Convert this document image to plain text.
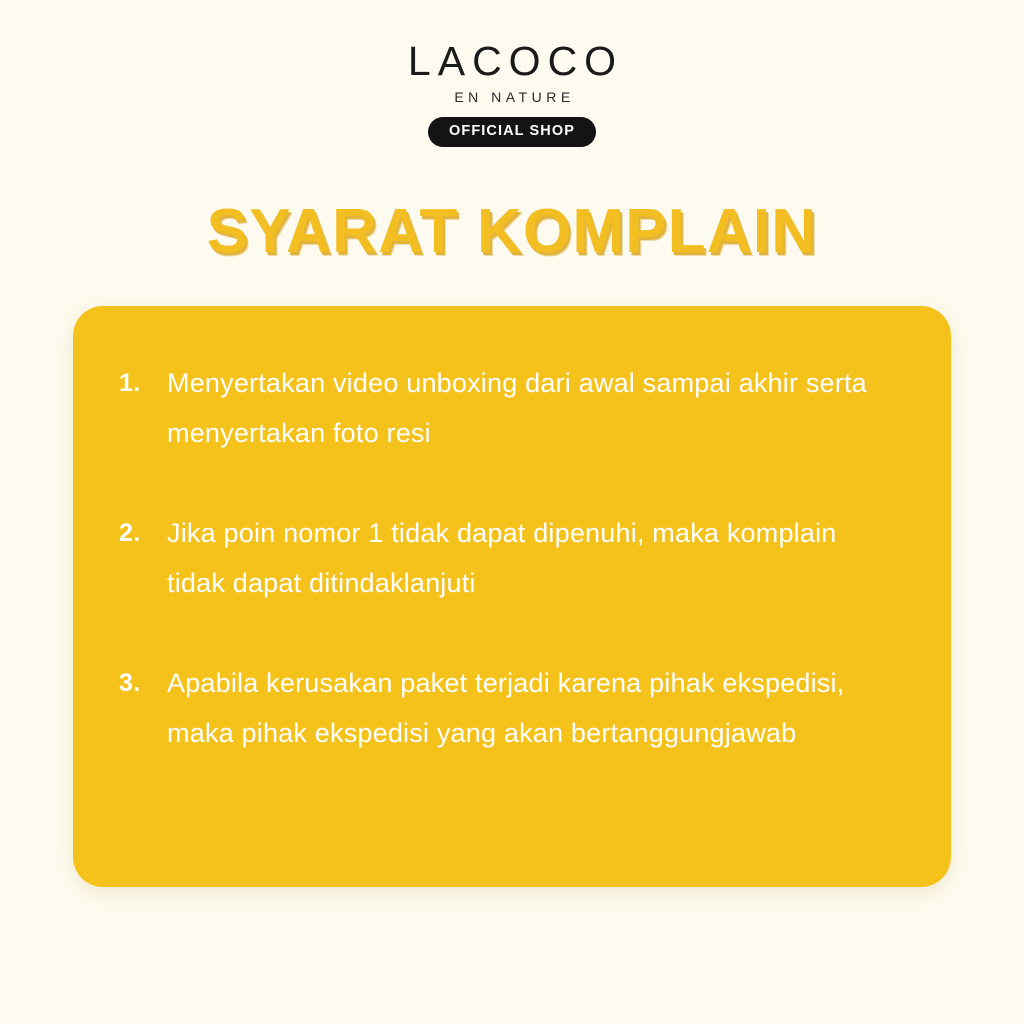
LACOCO
EN NATURE
OFFICIAL SHOP
SYARAT KOMPLAIN
1. Menyertakan video unboxing dari awal sampai akhir serta menyertakan foto resi
2. Jika poin nomor 1 tidak dapat dipenuhi, maka komplain tidak dapat ditindaklanjuti
3. Apabila kerusakan paket terjadi karena pihak ekspedisi, maka pihak ekspedisi yang akan bertanggungjawab
